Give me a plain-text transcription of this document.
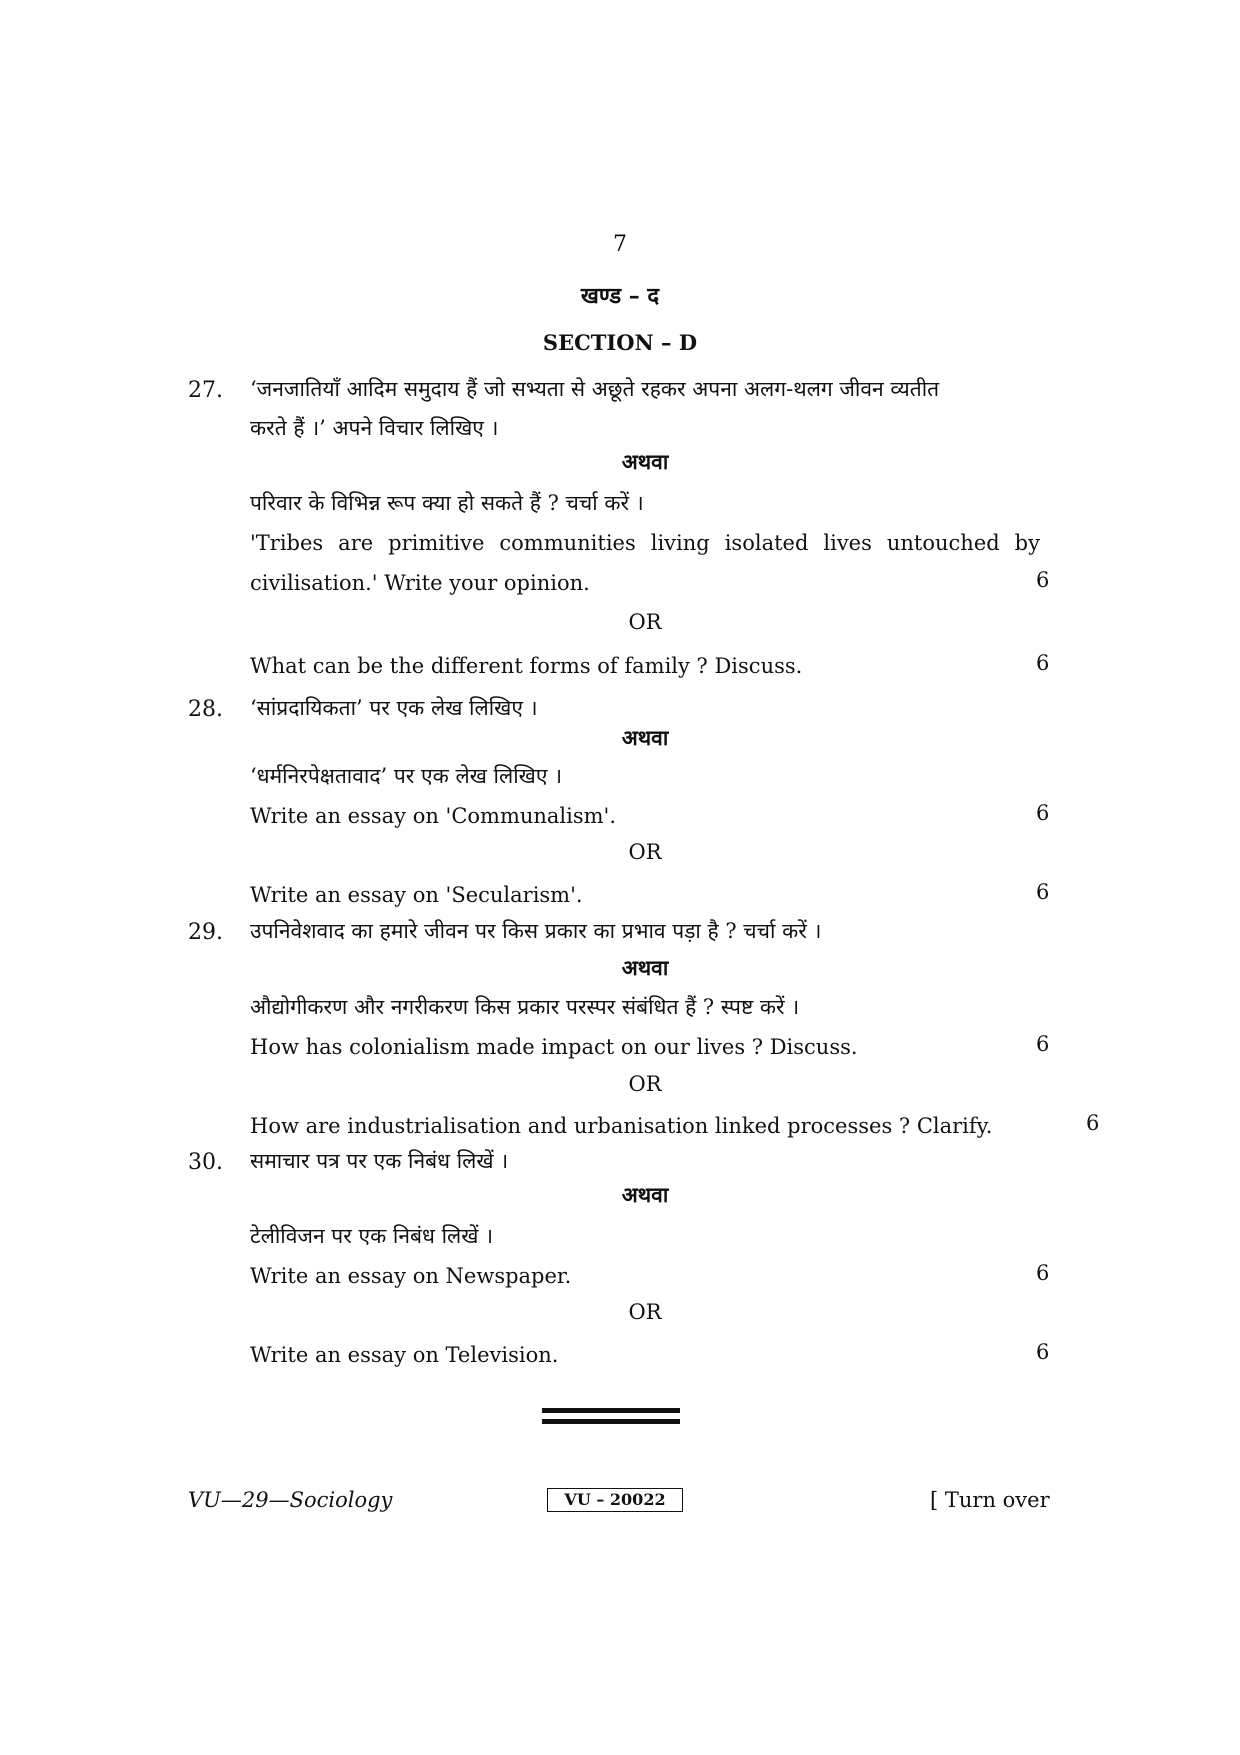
7
खण्ड – द
SECTION – D
27. ‘जनजातियाँ आदिम समुदाय हैं जो सभ्यता से अछूते रहकर अपना अलग-थलग जीवन व्यतीत
करते हैं ।’ अपने विचार लिखिए ।
अथवा
परिवार के विभिन्न रूप क्या हो सकते हैं ? चर्चा करें ।
'Tribes are primitive communities living isolated lives untouched by
civilisation.' Write your opinion.	6
OR
What can be the different forms of family ? Discuss.	6
28. ‘सांप्रदायिकता’ पर एक लेख लिखिए ।
अथवा
‘धर्मनिरपेक्षतावाद’ पर एक लेख लिखिए ।
Write an essay on 'Communalism'.	6
OR
Write an essay on 'Secularism'.	6
29. उपनिवेशवाद का हमारे जीवन पर किस प्रकार का प्रभाव पड़ा है ? चर्चा करें ।
अथवा
औद्योगीकरण और नगरीकरण किस प्रकार परस्पर संबंधित हैं ? स्पष्ट करें ।
How has colonialism made impact on our lives ? Discuss.	6
OR
How are industrialisation and urbanisation linked processes ? Clarify.	6
30. समाचार पत्र पर एक निबंध लिखें ।
अथवा
टेलीविजन पर एक निबंध लिखें ।
Write an essay on Newspaper.	6
OR
Write an essay on Television.	6
VU—29—Sociology	VU – 20022	[ Turn over
